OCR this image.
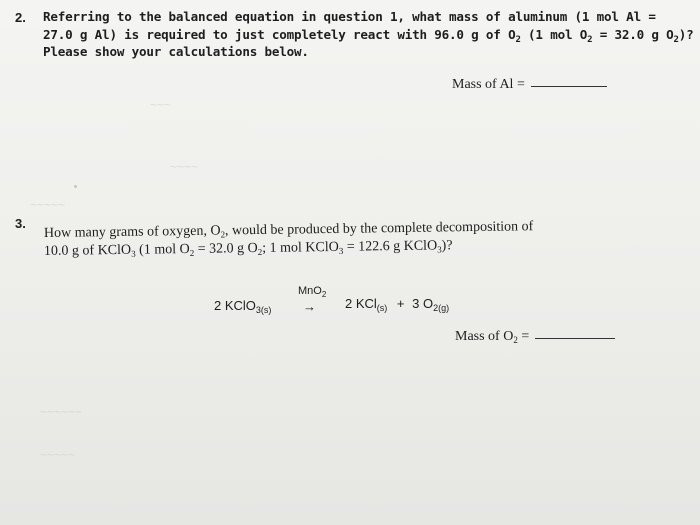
~~~
~~~~
~~~~~
~~~~~~
~~~~~
2. Referring to the balanced equation in question 1, what mass of aluminum (1 mol Al =
27.0 g Al) is required to just completely react with 96.0 g of $O_2$ (1 mol $O_2 = 32.0$ g $O_2$)?
Please show your calculations below.
Mass of Al =
3.
How many grams of oxygen, $O_2$, would be produced by the complete decomposition of
10.0 g of KClO$_3$ (1 mol $O_2 = 32.0$ g $O_2$; 1 mol KClO$_3$ = 122.6 g KClO$_3$)?
2 KClO$_{3(s)}$
MnO$_2$
→ 2 KCl$_{(s)}$ + 3 $O_{2(g)}$
Mass of $O_2$ =
